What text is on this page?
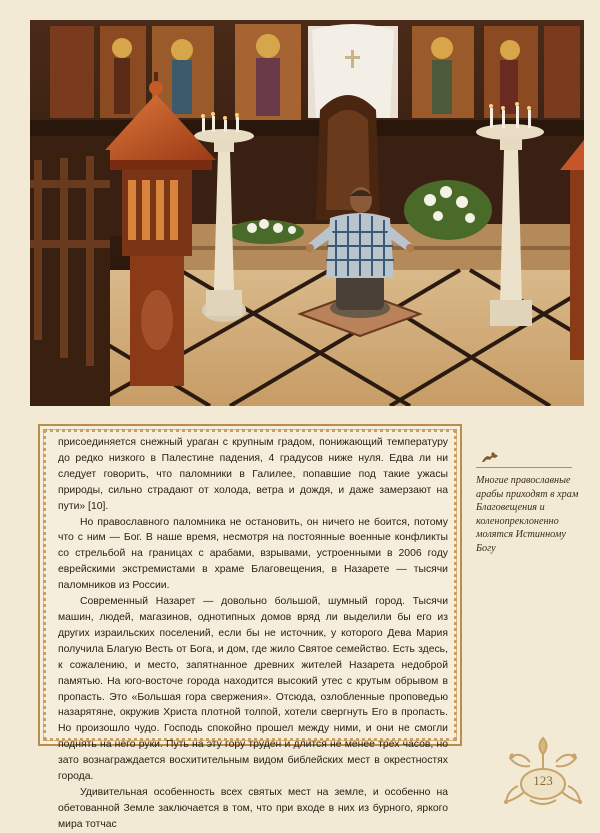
присоединяется снежный ураган с крупным градом, понижающий температуру до редко низкого в Палестине падения, 4 градусов ниже нуля. Едва ли ни следует говорить, что паломники в Галилее, попавшие под такие ужасы природы, сильно страдают от холода, ветра и дождя, и даже замерзают на пути» [10].

Но православного паломника не остановить, он ничего не боится, потому что с ним — Бог. В наше время, несмотря на постоянные военные конфликты со стрельбой на границах с арабами, взрывами, устроенными в 2006 году еврейскими экстремистами в храме Благовещения, в Назарете — тысячи паломников из России.

Современный Назарет — довольно большой, шумный город. Тысячи машин, людей, магазинов, однотипных домов вряд ли выделили бы его из других израильских поселений, если бы не источник, у которого Дева Мария получила Благую Весть от Бога, и дом, где жило Святое семейство. Есть здесь, к сожалению, и место, запятнанное древних жителей Назарета недоброй памятью. На юго-восточе города находится высокий утес с крутым обрывом в пропасть. Это «Большая гора свержения». Отсюда, озлобленные проповедью назарятяне, окружив Христа плотной толпой, хотели свергнуть Его в пропасть. Но произошло чудо. Господь спокойно прошел между ними, и они не смогли поднять на него руки. Путь на эту гору труден и длится не менее трех часов, но зато вознаграждается восхитительным видом библейских мест в окрестностях города.

Удивительная особенность всех святых мест на земле, и особенно на обетованной Земле заключается в том, что при входе в них из бурного, яркого мира тотчас

Многие православные арабы приходят в храм Благовещения и коленопреклоненно молятся Истинному Богу

123
